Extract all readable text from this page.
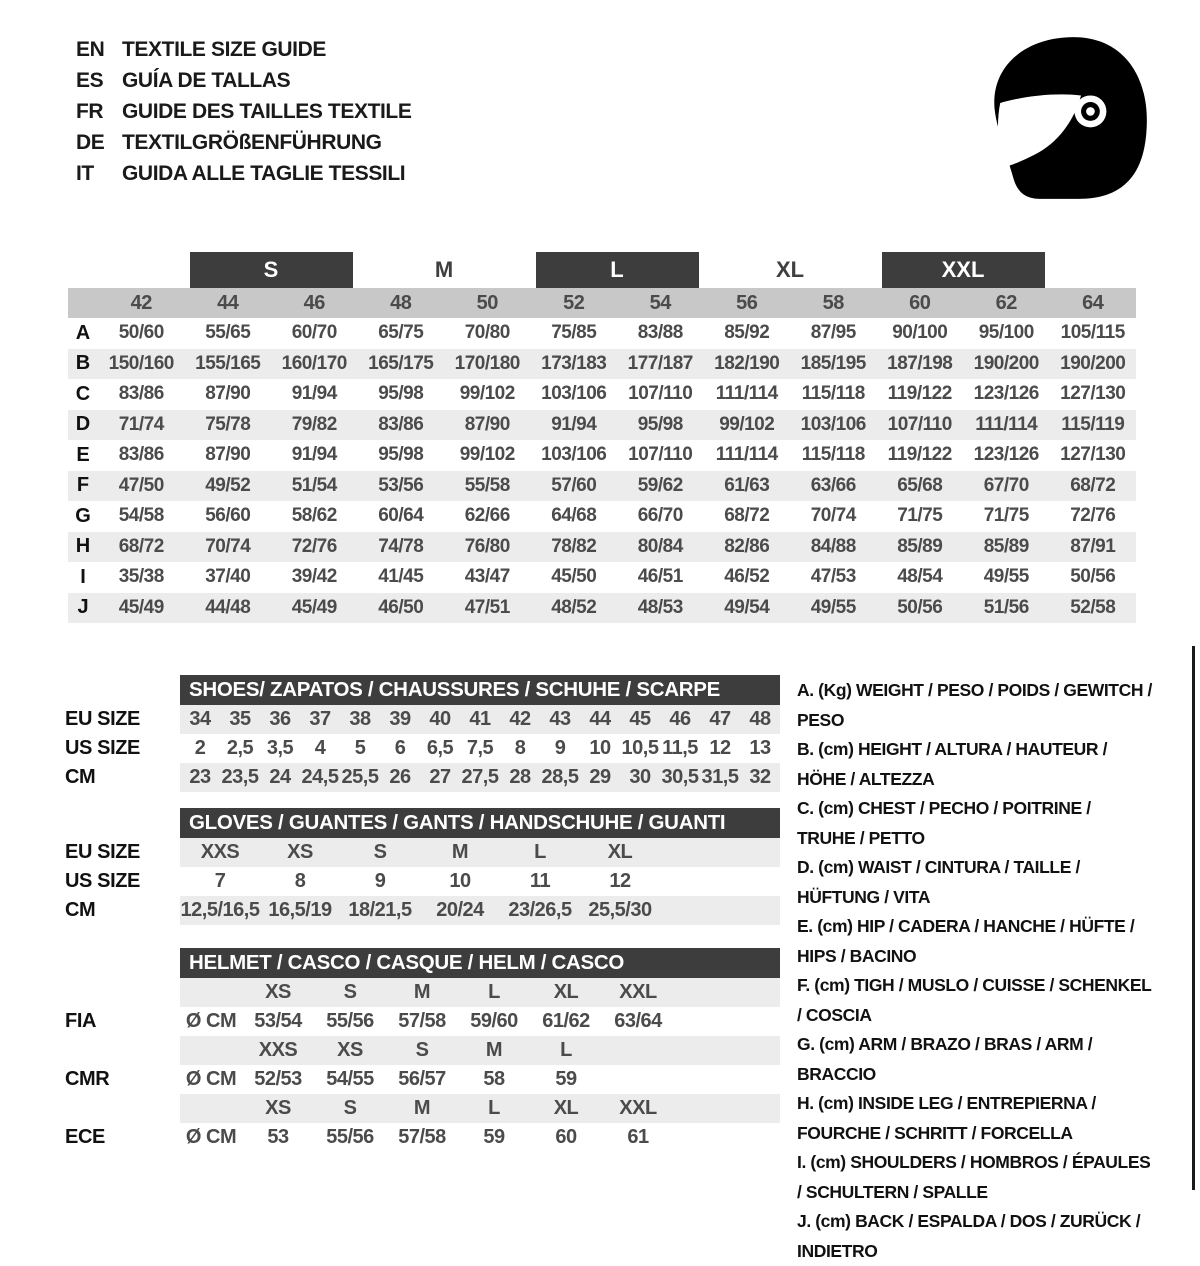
EN TEXTILE SIZE GUIDE
ES GUÍA DE TALLAS
FR GUIDE DES TAILLES TEXTILE
DE TEXTILGRÖßENFÜHRUNG
IT	GUIDA ALLE TAGLIE TESSILI
S	M	L	XL	XXL
42	44	46	48	50	52	54	56	58	60	62	64
A	50/60	55/65	60/70	65/75	70/80	75/85	83/88	85/92	87/95	90/100	95/100	105/115
B 150/160	155/165	160/170	165/175	170/180	173/183	177/187	182/190	185/195	187/198	190/200	190/200
C	83/86	87/90	91/94	95/98	99/102	103/106	107/110	111/114	115/118	119/122	123/126	127/130
D	71/74	75/78	79/82	83/86	87/90	91/94	95/98	99/102	103/106	107/110	111/114	115/119
E	83/86	87/90	91/94	95/98	99/102	103/106	107/110	111/114	115/118	119/122	123/126	127/130
F	47/50	49/52	51/54	53/56	55/58	57/60	59/62	61/63	63/66	65/68	67/70	68/72
G	54/58	56/60	58/62	60/64	62/66	64/68	66/70	68/72	70/74	71/75	71/75	72/76
H	68/72	70/74	72/76	74/78	76/80	78/82	80/84	82/86	84/88	85/89	85/89	87/91
I	35/38	37/40	39/42	41/45	43/47	45/50	46/51	46/52	47/53	48/54	49/55	50/56
J	45/49	44/48	45/49	46/50	47/51	48/52	48/53	49/54	49/55	50/56	51/56	52/58
SHOES/ ZAPATOS / CHAUSSURES / SCHUHE / SCARPE
EU SIZE	34 35 36 37 38 39 40 41 42 43 44 45 46 47 48
US SIZE	2	2,5 3,5	4	5	6	6,5 7,5	8	9	10 10,5 11,5 12 13
CM	23 23,5 24 24,5 25,5 26 27 27,5 28 28,5 29 30 30,5 31,5 32
GLOVES / GUANTES / GANTS / HANDSCHUHE / GUANTI
EU SIZE	XXS	XS	S	M	L	XL
US SIZE	7	8	9	10	11	12
CM	12,5/16,5 16,5/19 18/21,5	20/24	23/26,5 25,5/30
HELMET / CASCO / CASQUE / HELM / CASCO
XS	S	M	L	XL	XXL
FIA	Ø CM 53/54	55/56	57/58	59/60	61/62	63/64
XXS	XS	S	M	L
CMR	Ø CM 52/53	54/55	56/57	58	59
XS	S	M	L	XL	XXL
ECE	Ø CM	53	55/56	57/58	59	60	61
A. (Kg) WEIGHT / PESO / POIDS / GEWITCH / PESO
B. (cm) HEIGHT / ALTURA / HAUTEUR / HÖHE / ALTEZZA
C. (cm) CHEST / PECHO / POITRINE / TRUHE / PETTO
D. (cm) WAIST / CINTURA / TAILLE / HÜFTUNG / VITA
E. (cm) HIP / CADERA / HANCHE / HÜFTE / HIPS / BACINO
F. (cm) TIGH / MUSLO / CUISSE / SCHENKEL / COSCIA
G. (cm) ARM / BRAZO / BRAS / ARM / BRACCIO
H. (cm) INSIDE LEG / ENTREPIERNA / FOURCHE / SCHRITT / FORCELLA
I. (cm) SHOULDERS / HOMBROS / ÉPAULES / SCHULTERN / SPALLE
J. (cm) BACK / ESPALDA / DOS / ZURÜCK / INDIETRO
